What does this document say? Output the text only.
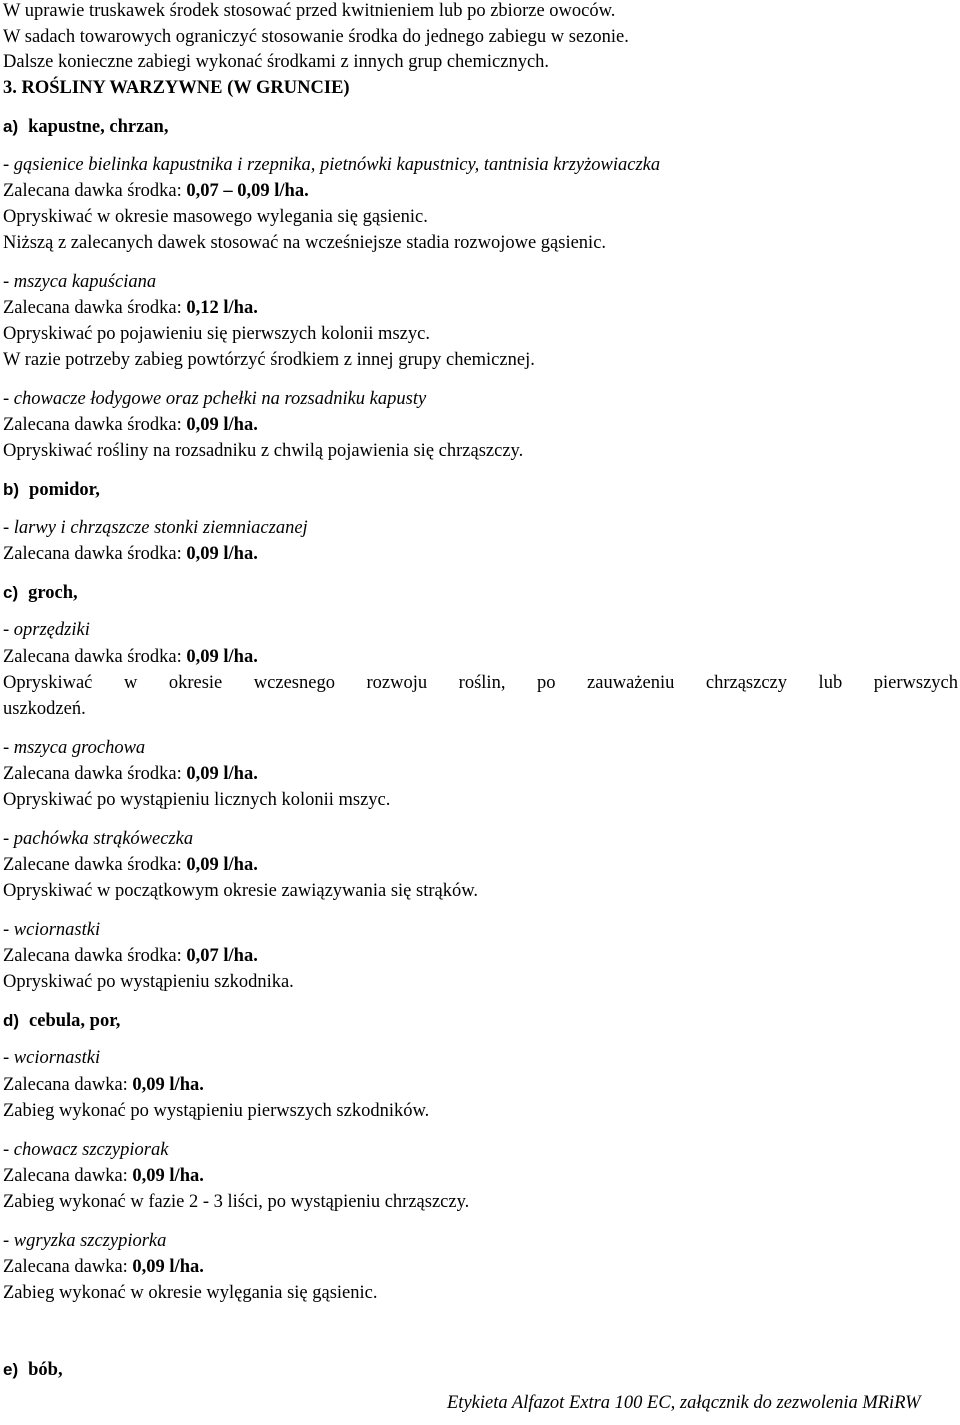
W uprawie truskawek środek stosować przed kwitnieniem lub po zbiorze owoców.
W sadach towarowych ograniczyć stosowanie środka do jednego zabiegu w sezonie.
Dalsze konieczne zabiegi wykonać środkami z innych grup chemicznych.
3. ROŚLINY WARZYWNE (W GRUNCIE)
a) kapustne, chrzan,
- gąsienice bielinka kapustnika i rzepnika, pietnówki kapustnicy, tantnisia krzyżowiaczka
Zalecana dawka środka: 0,07 – 0,09 l/ha.
Opryskiwać w okresie masowego wylegania się gąsienic.
Niższą z zalecanych dawek stosować na wcześniejsze stadia rozwojowe gąsienic.
- mszyca kapuściana
Zalecana dawka środka: 0,12 l/ha.
Opryskiwać po pojawieniu się pierwszych kolonii mszyc.
W razie potrzeby zabieg powtórzyć środkiem z innej grupy chemicznej.
- chowacze łodygowe oraz pchełki na rozsadniku kapusty
Zalecana dawka środka: 0,09 l/ha.
Opryskiwać rośliny na rozsadniku z chwilą pojawienia się chrząszczy.
b) pomidor,
- larwy i chrząszcze stonki ziemniaczanej
Zalecana dawka środka: 0,09 l/ha.
c) groch,
- oprzędziki
Zalecana dawka środka: 0,09 l/ha.
Opryskiwać w okresie wczesnego rozwoju roślin, po zauważeniu chrząszczy lub pierwszych
uszkodzeń.
- mszyca grochowa
Zalecana dawka środka: 0,09 l/ha.
Opryskiwać po wystąpieniu licznych kolonii mszyc.
- pachówka strąkóweczka
Zalecane dawka środka: 0,09 l/ha.
Opryskiwać w początkowym okresie zawiązywania się strąków.
- wciornastki
Zalecana dawka środka: 0,07 l/ha.
Opryskiwać po wystąpieniu szkodnika.
d) cebula, por,
- wciornastki
Zalecana dawka: 0,09 l/ha.
Zabieg wykonać po wystąpieniu pierwszych szkodników.
- chowacz szczypiorak
Zalecana dawka: 0,09 l/ha.
Zabieg wykonać w fazie 2 - 3 liści, po wystąpieniu chrząszczy.
- wgryzka szczypiorka
Zalecana dawka: 0,09 l/ha.
Zabieg wykonać w okresie wylęgania się gąsienic.
e) bób,
Etykieta Alfazot Extra 100 EC, załącznik do zezwolenia MRiRW
